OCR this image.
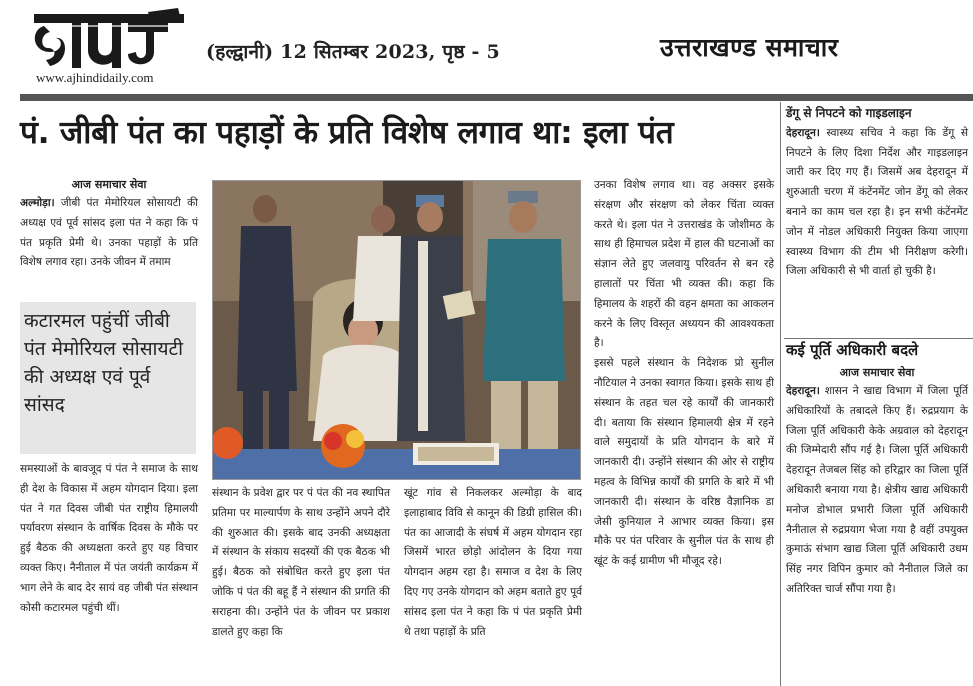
आज
www.ajhindidaily.com
(हल्द्वानी) 12 सितम्बर 2023, पृष्ठ - 5	उत्तराखण्ड समाचार
पं. जीबी पंत का पहाड़ों के प्रति विशेष लगाव था: इला पंत
आज समाचार सेवा

अल्मोड़ा। जीबी पंत मेमोरियल सोसायटी की अध्यक्ष एवं पूर्व सांसद इला पंत ने कहा कि पं पंत प्रकृति प्रेमी थे। उनका पहाड़ों के प्रति विशेष लगाव रहा। उनके जीवन में तमाम

कटारमल पहुंचीं जीबी पंत मेमोरियल सोसायटी की अध्यक्ष एवं पूर्व सांसद

समस्याओं के बावजूद पं पंत ने समाज के साथ ही देश के विकास में अहम योगदान दिया। इला पंत ने गत दिवस जीबी पंत राष्ट्रीय हिमालयी पर्यावरण संस्थान के वार्षिक दिवस के मौके पर हुई बैठक की अध्यक्षता करते हुए यह विचार व्यक्त किए। नैनीताल में पंत जयंती कार्यक्रम में भाग लेने के बाद देर सायं वह जीबी पंत संस्थान कोसी कटारमल पहुंची थीं।

संस्थान के प्रवेश द्वार पर पं पंत की नव स्थापित प्रतिमा पर माल्यार्पण के साथ उन्होंने अपने दौरे की शुरुआत की। इसके बाद उनकी अध्यक्षता में संस्थान के संकाय सदस्यों की एक बैठक भी हुई। बैठक को संबोधित करते हुए इला पंत जोकि पं पंत की बहू हैं ने संस्थान की प्रगति की सराहना की। उन्होंने पंत के जीवन पर प्रकाश डालते हुए कहा कि

खूंट गांव से निकलकर अल्मोड़ा के बाद इलाहाबाद विवि से कानून की डिग्री हासिल की। पंत का आजादी के संघर्ष में अहम योगदान रहा जिसमें भारत छोड़ो आंदोलन के दिया गया योगदान अहम रहा है। समाज व देश के लिए दिए गए उनके योगदान को अहम बताते हुए पूर्व सांसद इला पंत ने कहा कि पं पंत प्रकृति प्रेमी थे तथा पहाड़ों के प्रति

उनका विशेष लगाव था। वह अक्सर इसके संरक्षण और संरक्षण को लेकर चिंता व्यक्त करते थे। इला पंत ने उत्तराखंड के जोशीमठ के साथ ही हिमाचल प्रदेश में हाल की घटनाओं का संज्ञान लेते हुए जलवायु परिवर्तन से बन रहे हालातों पर चिंता भी व्यक्त की। कहा कि हिमालय के शहरों की वहन क्षमता का आकलन करने के लिए विस्तृत अध्ययन की आवश्यकता है।

इससे पहले संस्थान के निदेशक प्रो सुनील नौटियाल ने उनका स्वागत किया। इसके साथ ही संस्थान के तहत चल रहे कार्यों की जानकारी दी। बताया कि संस्थान हिमालयी क्षेत्र में रहने वाले समुदायों के प्रति योगदान के बारे में जानकारी दी। उन्होंने संस्थान की ओर से राष्ट्रीय महत्व के विभिन्न कार्यों की प्रगति के बारे में भी जानकारी दी। संस्थान के वरिष्ठ वैज्ञानिक डा जेसी कुनियाल ने आभार व्यक्त किया। इस मौके पर पंत परिवार के सुनील पंत के साथ ही खूंट के कई ग्रामीण भी मौजूद रहे।

डेंगू से निपटने को गाइडलाइन

देहरादून। स्वास्थ्य सचिव ने कहा कि डेंगू से निपटने के लिए दिशा निर्देश और गाइडलाइन जारी कर दिए गए हैं। जिसमें अब देहरादून में शुरुआती चरण में कंटेंनमेंट जोन डेंगू को लेकर बनाने का काम चल रहा है। इन सभी कंटेंनमेंट जोन में नोडल अधिकारी नियुक्त किया जाएगा स्वास्थ्य विभाग की टीम भी निरीक्षण करेगी। जिला अधिकारी से भी वार्ता हो चुकी है।

कई पूर्ति अधिकारी बदले
आज समाचार सेवा

देहरादून। शासन ने खाद्य विभाग में जिला पूर्ति अधिकारियों के तबादले किए हैं। रुद्रप्रयाग के जिला पूर्ति अधिकारी केके अग्रवाल को देहरादून की जिम्मेदारी सौंप गई है। जिला पूर्ति अधिकारी देहरादून तेजबल सिंह को हरिद्वार का जिला पूर्ति अधिकारी बनाया गया है। क्षेत्रीय खाद्य अधिकारी मनोज डोभाल प्रभारी जिला पूर्ति अधिकारी नैनीताल से रुद्रप्रयाग भेजा गया है वहीं उपयुक्त कुमाऊं संभाग खाद्य जिला पूर्ति अधिकारी उधम सिंह नगर विपिन कुमार को नैनीताल जिले का अतिरिक्त चार्ज सौंपा गया है।
